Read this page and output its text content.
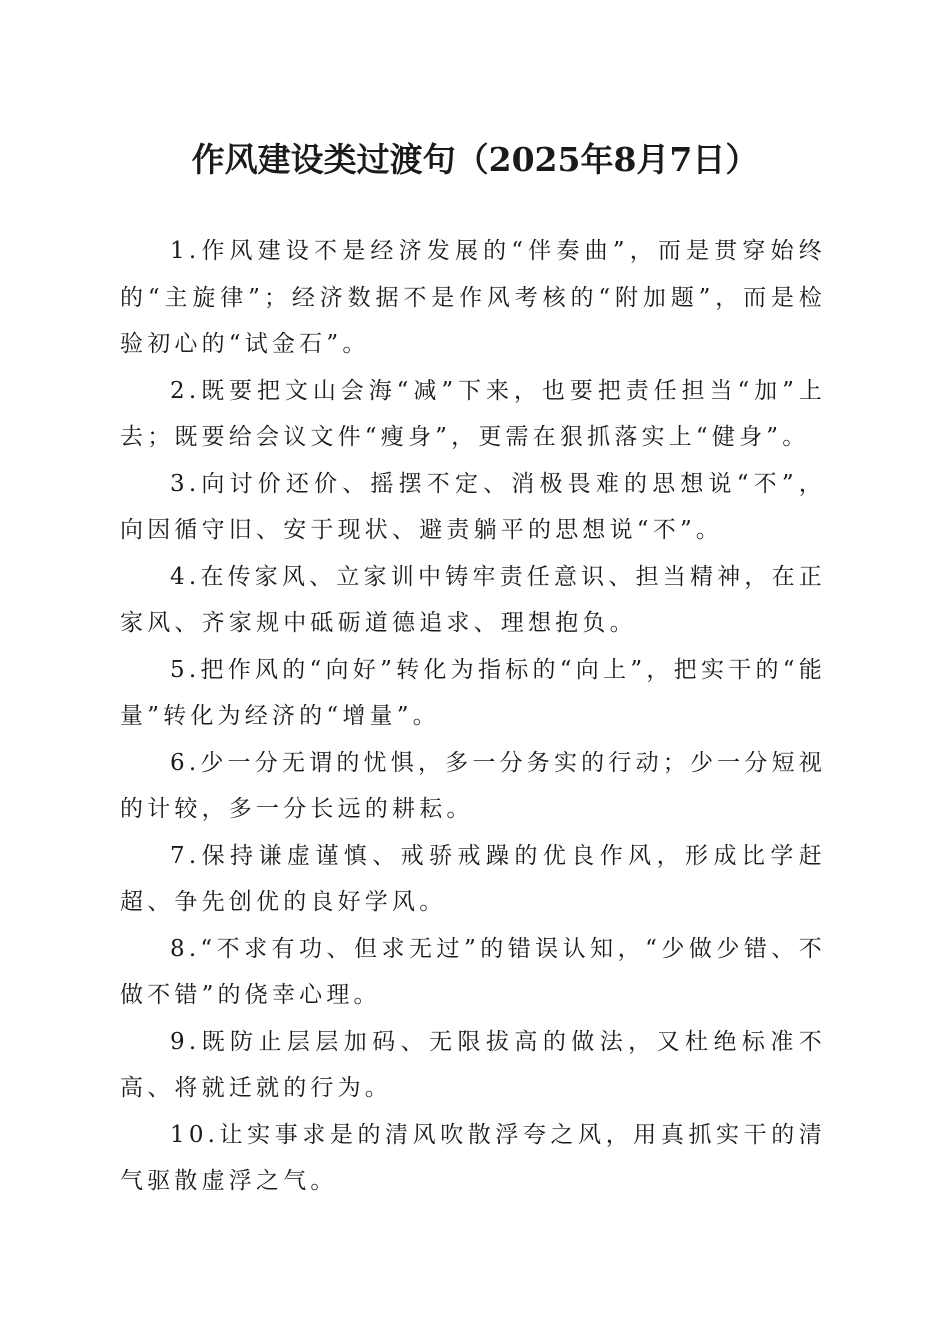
作风建设类过渡句（2025年8月7日）

1.作风建设不是经济发展的“伴奏曲”，而是贯穿始终的“主旋律”；经济数据不是作风考核的“附加题”，而是检验初心的“试金石”。

2.既要把文山会海“减”下来，也要把责任担当“加”上去；既要给会议文件“瘦身”，更需在狠抓落实上“健身”。

3.向讨价还价、摇摆不定、消极畏难的思想说“不”，向因循守旧、安于现状、避责躺平的思想说“不”。

4.在传家风、立家训中铸牢责任意识、担当精神，在正家风、齐家规中砥砺道德追求、理想抱负。

5.把作风的“向好”转化为指标的“向上”，把实干的“能量”转化为经济的“增量”。

6.少一分无谓的忧惧，多一分务实的行动；少一分短视的计较，多一分长远的耕耘。

7.保持谦虚谨慎、戒骄戒躁的优良作风，形成比学赶超、争先创优的良好学风。

8.“不求有功、但求无过”的错误认知，“少做少错、不做不错”的侥幸心理。

9.既防止层层加码、无限拔高的做法，又杜绝标准不高、将就迁就的行为。

10.让实事求是的清风吹散浮夸之风，用真抓实干的清气驱散虚浮之气。
